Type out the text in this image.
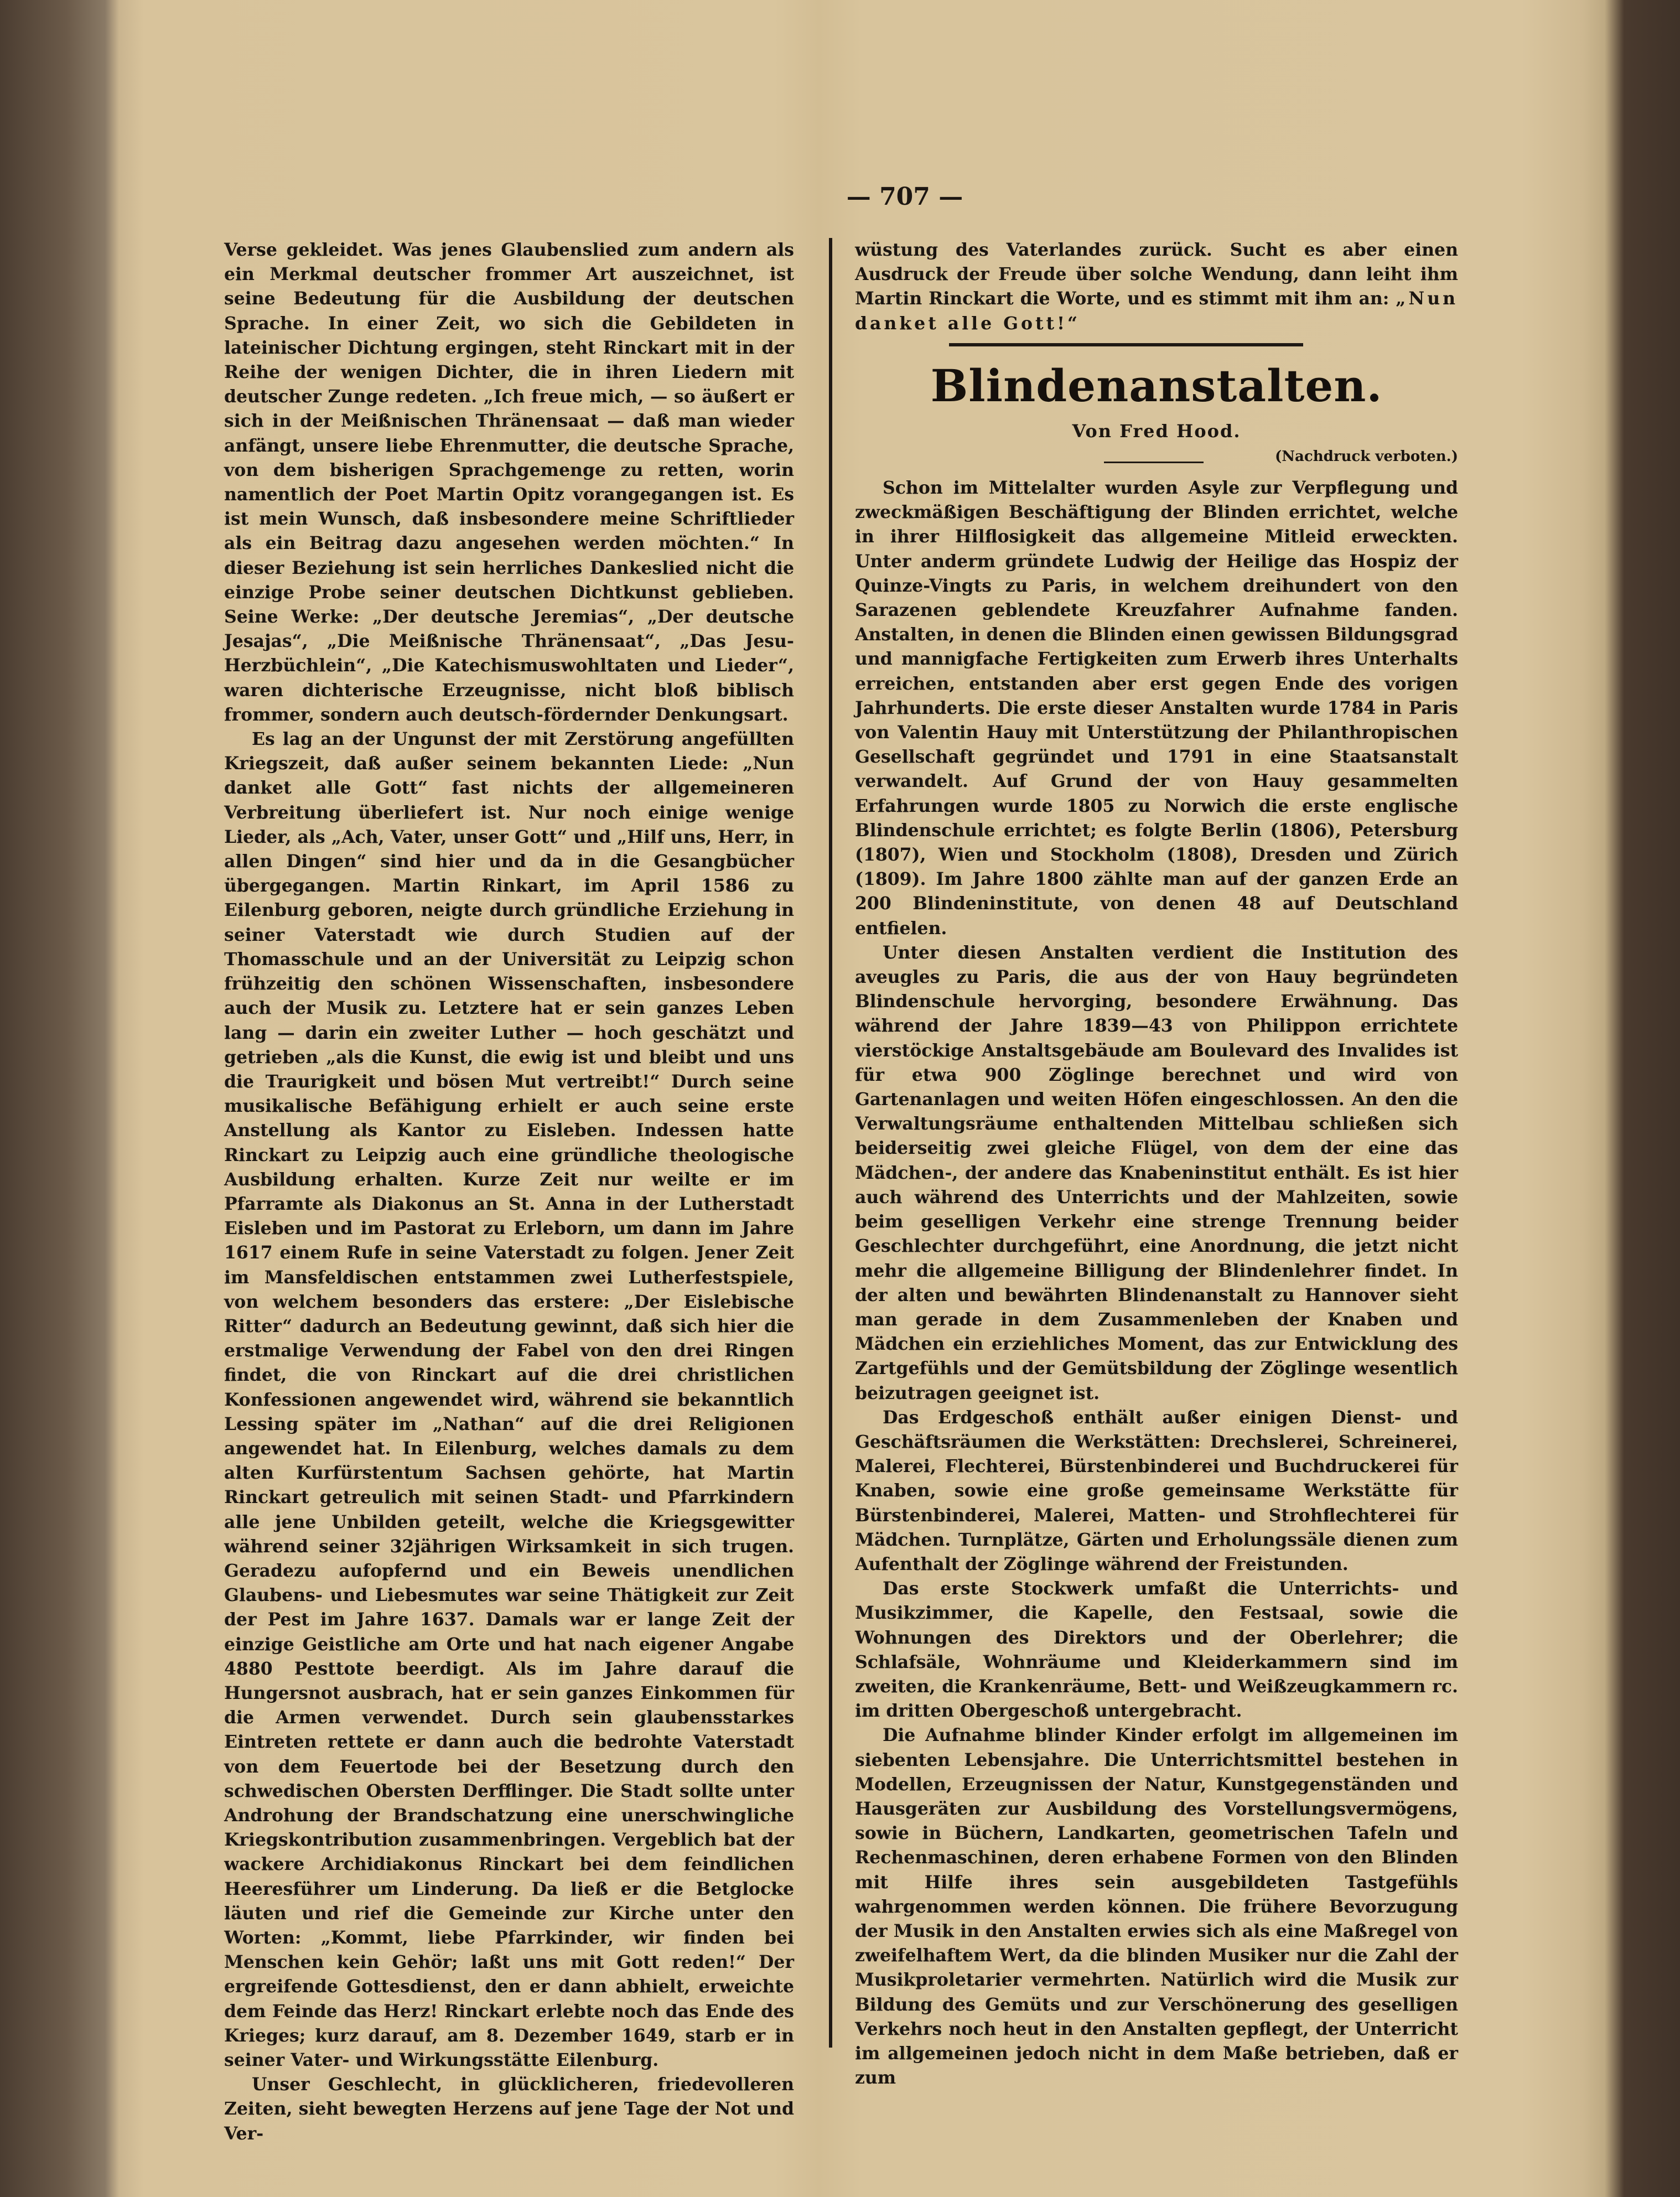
— 707 —

Verse gekleidet. Was jenes Glaubenslied zum andern als ein Merkmal deutscher frommer Art auszeichnet, ist seine Bedeutung für die Ausbildung der deutschen Sprache. In einer Zeit, wo sich die Gebildeten in lateinischer Dichtung ergingen, steht Rinckart mit in der Reihe der wenigen Dichter, die in ihren Liedern mit deutscher Zunge redeten. „Ich freue mich, — so äußert er sich in der Meißnischen Thränensaat — daß man wieder anfängt, unsere liebe Ehrenmutter, die deutsche Sprache, von dem bisherigen Sprachgemenge zu retten, worin namentlich der Poet Martin Opitz vorangegangen ist. Es ist mein Wunsch, daß insbesondere meine Schriftlieder als ein Beitrag dazu angesehen werden möchten.“ In dieser Beziehung ist sein herrliches Dankeslied nicht die einzige Probe seiner deutschen Dichtkunst geblieben. Seine Werke: „Der deutsche Jeremias“, „Der deutsche Jesajas“, „Die Meißnische Thränensaat“, „Das Jesu-Herzbüchlein“, „Die Katechismuswohltaten und Lieder“, waren dichterische Erzeugnisse, nicht bloß biblisch frommer, sondern auch deutsch-fördernder Denkungsart.

Es lag an der Ungunst der mit Zerstörung angefüllten Kriegszeit, daß außer seinem bekannten Liede: „Nun danket alle Gott“ fast nichts der allgemeineren Verbreitung überliefert ist. Nur noch einige wenige Lieder, als „Ach, Vater, unser Gott“ und „Hilf uns, Herr, in allen Dingen“ sind hier und da in die Gesangbücher übergegangen. Martin Rinkart, im April 1586 zu Eilenburg geboren, neigte durch gründliche Erziehung in seiner Vaterstadt wie durch Studien auf der Thomasschule und an der Universität zu Leipzig schon frühzeitig den schönen Wissenschaften, insbesondere auch der Musik zu. Letztere hat er sein ganzes Leben lang — darin ein zweiter Luther — hoch geschätzt und getrieben „als die Kunst, die ewig ist und bleibt und uns die Traurigkeit und bösen Mut vertreibt!“ Durch seine musikalische Befähigung erhielt er auch seine erste Anstellung als Kantor zu Eisleben. Indessen hatte Rinckart zu Leipzig auch eine gründliche theologische Ausbildung erhalten. Kurze Zeit nur weilte er im Pfarramte als Diakonus an St. Anna in der Lutherstadt Eisleben und im Pastorat zu Erleborn, um dann im Jahre 1617 einem Rufe in seine Vaterstadt zu folgen. Jener Zeit im Mansfeldischen entstammen zwei Lutherfestspiele, von welchem besonders das erstere: „Der Eislebische Ritter“ dadurch an Bedeutung gewinnt, daß sich hier die erstmalige Verwendung der Fabel von den drei Ringen findet, die von Rinckart auf die drei christlichen Konfessionen angewendet wird, während sie bekanntlich Lessing später im „Nathan“ auf die drei Religionen angewendet hat. In Eilenburg, welches damals zu dem alten Kurfürstentum Sachsen gehörte, hat Martin Rinckart getreulich mit seinen Stadt- und Pfarrkindern alle jene Unbilden geteilt, welche die Kriegsgewitter während seiner 32jährigen Wirksamkeit in sich trugen. Geradezu aufopfernd und ein Beweis unendlichen Glaubens- und Liebesmutes war seine Thätigkeit zur Zeit der Pest im Jahre 1637. Damals war er lange Zeit der einzige Geistliche am Orte und hat nach eigener Angabe 4880 Pesttote beerdigt. Als im Jahre darauf die Hungersnot ausbrach, hat er sein ganzes Einkommen für die Armen verwendet. Durch sein glaubensstarkes Eintreten rettete er dann auch die bedrohte Vaterstadt von dem Feuertode bei der Besetzung durch den schwedischen Obersten Derfflinger. Die Stadt sollte unter Androhung der Brandschatzung eine unerschwingliche Kriegskontribution zusammenbringen. Vergeblich bat der wackere Archidiakonus Rinckart bei dem feindlichen Heeresführer um Linderung. Da ließ er die Betglocke läuten und rief die Gemeinde zur Kirche unter den Worten: „Kommt, liebe Pfarrkinder, wir finden bei Menschen kein Gehör; laßt uns mit Gott reden!“ Der ergreifende Gottesdienst, den er dann abhielt, erweichte dem Feinde das Herz! Rinckart erlebte noch das Ende des Krieges; kurz darauf, am 8. Dezember 1649, starb er in seiner Vater- und Wirkungsstätte Eilenburg.

Unser Geschlecht, in glücklicheren, friedevolleren Zeiten, sieht bewegten Herzens auf jene Tage der Not und Ver-

wüstung des Vaterlandes zurück. Sucht es aber einen Ausdruck der Freude über solche Wendung, dann leiht ihm Martin Rinckart die Worte, und es stimmt mit ihm an: „Nun danket alle Gott!“

Blindenanstalten.
Von Fred Hood.
(Nachdruck verboten.)

Schon im Mittelalter wurden Asyle zur Verpflegung und zweckmäßigen Beschäftigung der Blinden errichtet, welche in ihrer Hilflosigkeit das allgemeine Mitleid erweckten. Unter anderm gründete Ludwig der Heilige das Hospiz der Quinze-Vingts zu Paris, in welchem dreihundert von den Sarazenen geblendete Kreuzfahrer Aufnahme fanden. Anstalten, in denen die Blinden einen gewissen Bildungsgrad und mannigfache Fertigkeiten zum Erwerb ihres Unterhalts erreichen, entstanden aber erst gegen Ende des vorigen Jahrhunderts. Die erste dieser Anstalten wurde 1784 in Paris von Valentin Hauy mit Unterstützung der Philanthropischen Gesellschaft gegründet und 1791 in eine Staatsanstalt verwandelt. Auf Grund der von Hauy gesammelten Erfahrungen wurde 1805 zu Norwich die erste englische Blindenschule errichtet; es folgte Berlin (1806), Petersburg (1807), Wien und Stockholm (1808), Dresden und Zürich (1809). Im Jahre 1800 zählte man auf der ganzen Erde an 200 Blindeninstitute, von denen 48 auf Deutschland entfielen.

Unter diesen Anstalten verdient die Institution des aveugles zu Paris, die aus der von Hauy begründeten Blindenschule hervorging, besondere Erwähnung. Das während der Jahre 1839—43 von Philippon errichtete vierstöckige Anstaltsgebäude am Boulevard des Invalides ist für etwa 900 Zöglinge berechnet und wird von Gartenanlagen und weiten Höfen eingeschlossen. An den die Verwaltungsräume enthaltenden Mittelbau schließen sich beiderseitig zwei gleiche Flügel, von dem der eine das Mädchen-, der andere das Knabeninstitut enthält. Es ist hier auch während des Unterrichts und der Mahlzeiten, sowie beim geselligen Verkehr eine strenge Trennung beider Geschlechter durchgeführt, eine Anordnung, die jetzt nicht mehr die allgemeine Billigung der Blindenlehrer findet. In der alten und bewährten Blindenanstalt zu Hannover sieht man gerade in dem Zusammenleben der Knaben und Mädchen ein erziehliches Moment, das zur Entwicklung des Zartgefühls und der Gemütsbildung der Zöglinge wesentlich beizutragen geeignet ist.

Das Erdgeschoß enthält außer einigen Dienst- und Geschäftsräumen die Werkstätten: Drechslerei, Schreinerei, Malerei, Flechterei, Bürstenbinderei und Buchdruckerei für Knaben, sowie eine große gemeinsame Werkstätte für Bürstenbinderei, Malerei, Matten- und Strohflechterei für Mädchen. Turnplätze, Gärten und Erholungssäle dienen zum Aufenthalt der Zöglinge während der Freistunden.

Das erste Stockwerk umfaßt die Unterrichts- und Musikzimmer, die Kapelle, den Festsaal, sowie die Wohnungen des Direktors und der Oberlehrer; die Schlafsäle, Wohnräume und Kleiderkammern sind im zweiten, die Krankenräume, Bett- und Weißzeugkammern rc. im dritten Obergeschoß untergebracht.

Die Aufnahme blinder Kinder erfolgt im allgemeinen im siebenten Lebensjahre. Die Unterrichtsmittel bestehen in Modellen, Erzeugnissen der Natur, Kunstgegenständen und Hausgeräten zur Ausbildung des Vorstellungsvermögens, sowie in Büchern, Landkarten, geometrischen Tafeln und Rechenmaschinen, deren erhabene Formen von den Blinden mit Hilfe ihres sein ausgebildeten Tastgefühls wahrgenommen werden können. Die frühere Bevorzugung der Musik in den Anstalten erwies sich als eine Maßregel von zweifelhaftem Wert, da die blinden Musiker nur die Zahl der Musikproletarier vermehrten. Natürlich wird die Musik zur Bildung des Gemüts und zur Verschönerung des geselligen Verkehrs noch heut in den Anstalten gepflegt, der Unterricht im allgemeinen jedoch nicht in dem Maße betrieben, daß er zum
